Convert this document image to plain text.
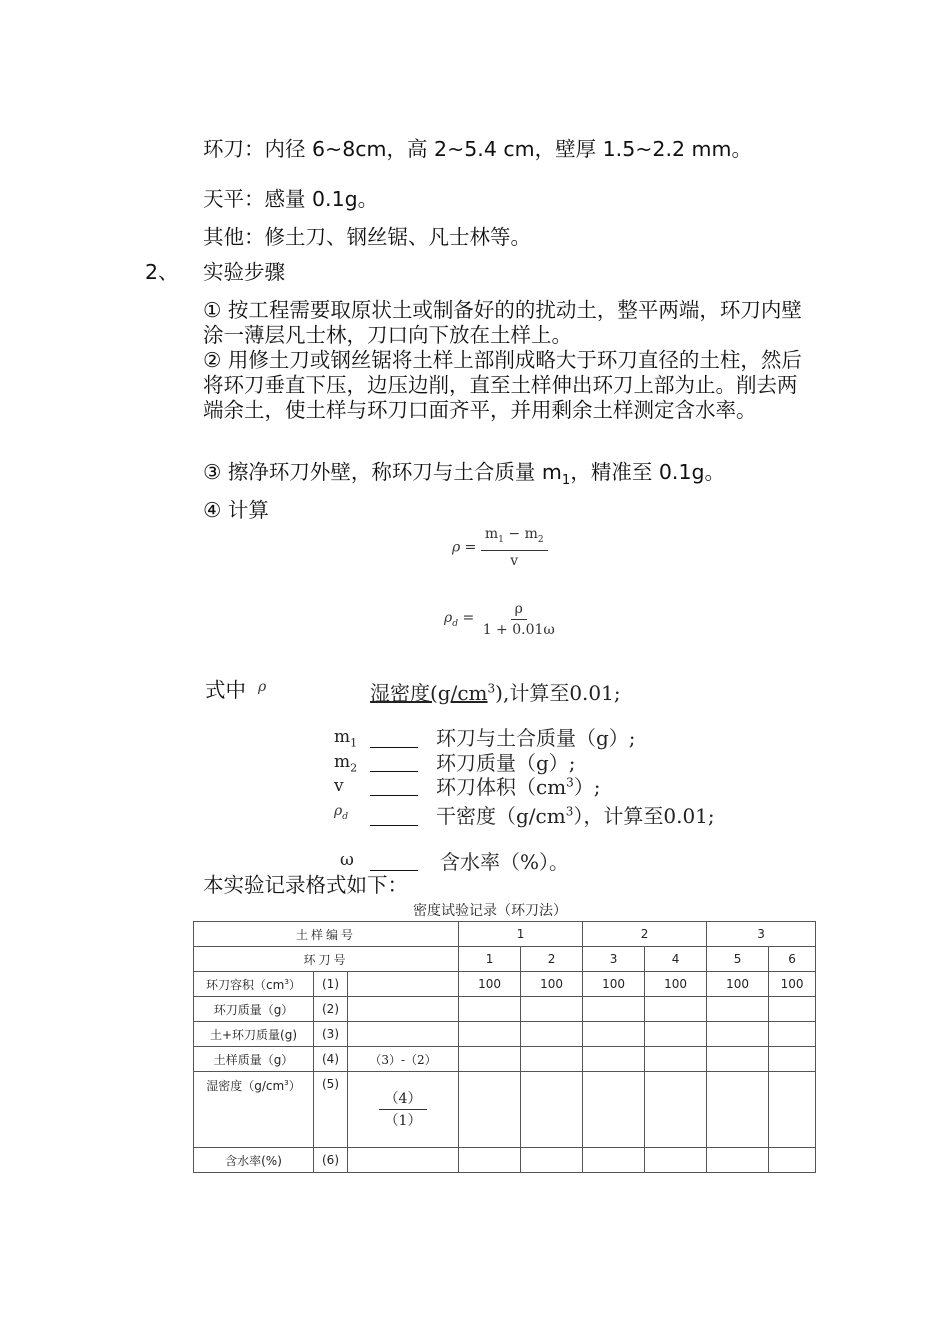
环刀：内径 6~8cm，高 2~5.4 cm，壁厚 1.5~2.2 mm。
天平：感量 0.1g。
其他：修土刀、钢丝锯、凡士林等。
2、 实验步骤
① 按工程需要取原状土或制备好的的扰动土，整平两端，环刀内壁涂一薄层凡士林，刀口向下放在土样上。
② 用修土刀或钢丝锯将土样上部削成略大于环刀直径的土柱，然后将环刀垂直下压，边压边削，直至土样伸出环刀上部为止。削去两端余土，使土样与环刀口面齐平，并用剩余土样测定含水率。
③ 擦净环刀外壁，称环刀与土合质量 $m_1$，精准至 0.1g。
④ 计算
$\rho = \frac{m_1 - m_2}{v}$
$\rho_d = \frac{\rho}{1 + 0.01\omega}$
式中 ρ	湿密度$(g/cm^3)$,计算至0.01;
$m_1$	环刀与土合质量（g）;
$m_2$	环刀质量（g）;
v	环刀体积$(cm^3)$;
$\rho_d$	干密度$(g/cm^3)$，计算至0.01;
ω	含水率（%）。
本实验记录格式如下：
密度试验记录（环刀法）
土样编号			1		2		3	
环刀号			1	2	3	4	5	6
环刀容积$(cm^3)$	(1)		100	100	100	100	100	100
环刀质量（g）	(2)							
土+环刀质量(g)	(3)							
土样质量（g）	(4)	（3）-（2）						
湿密度$(g/cm^3)$	(5)	$\frac{(4)}{(1)}$

含水率(%)	(6)							
